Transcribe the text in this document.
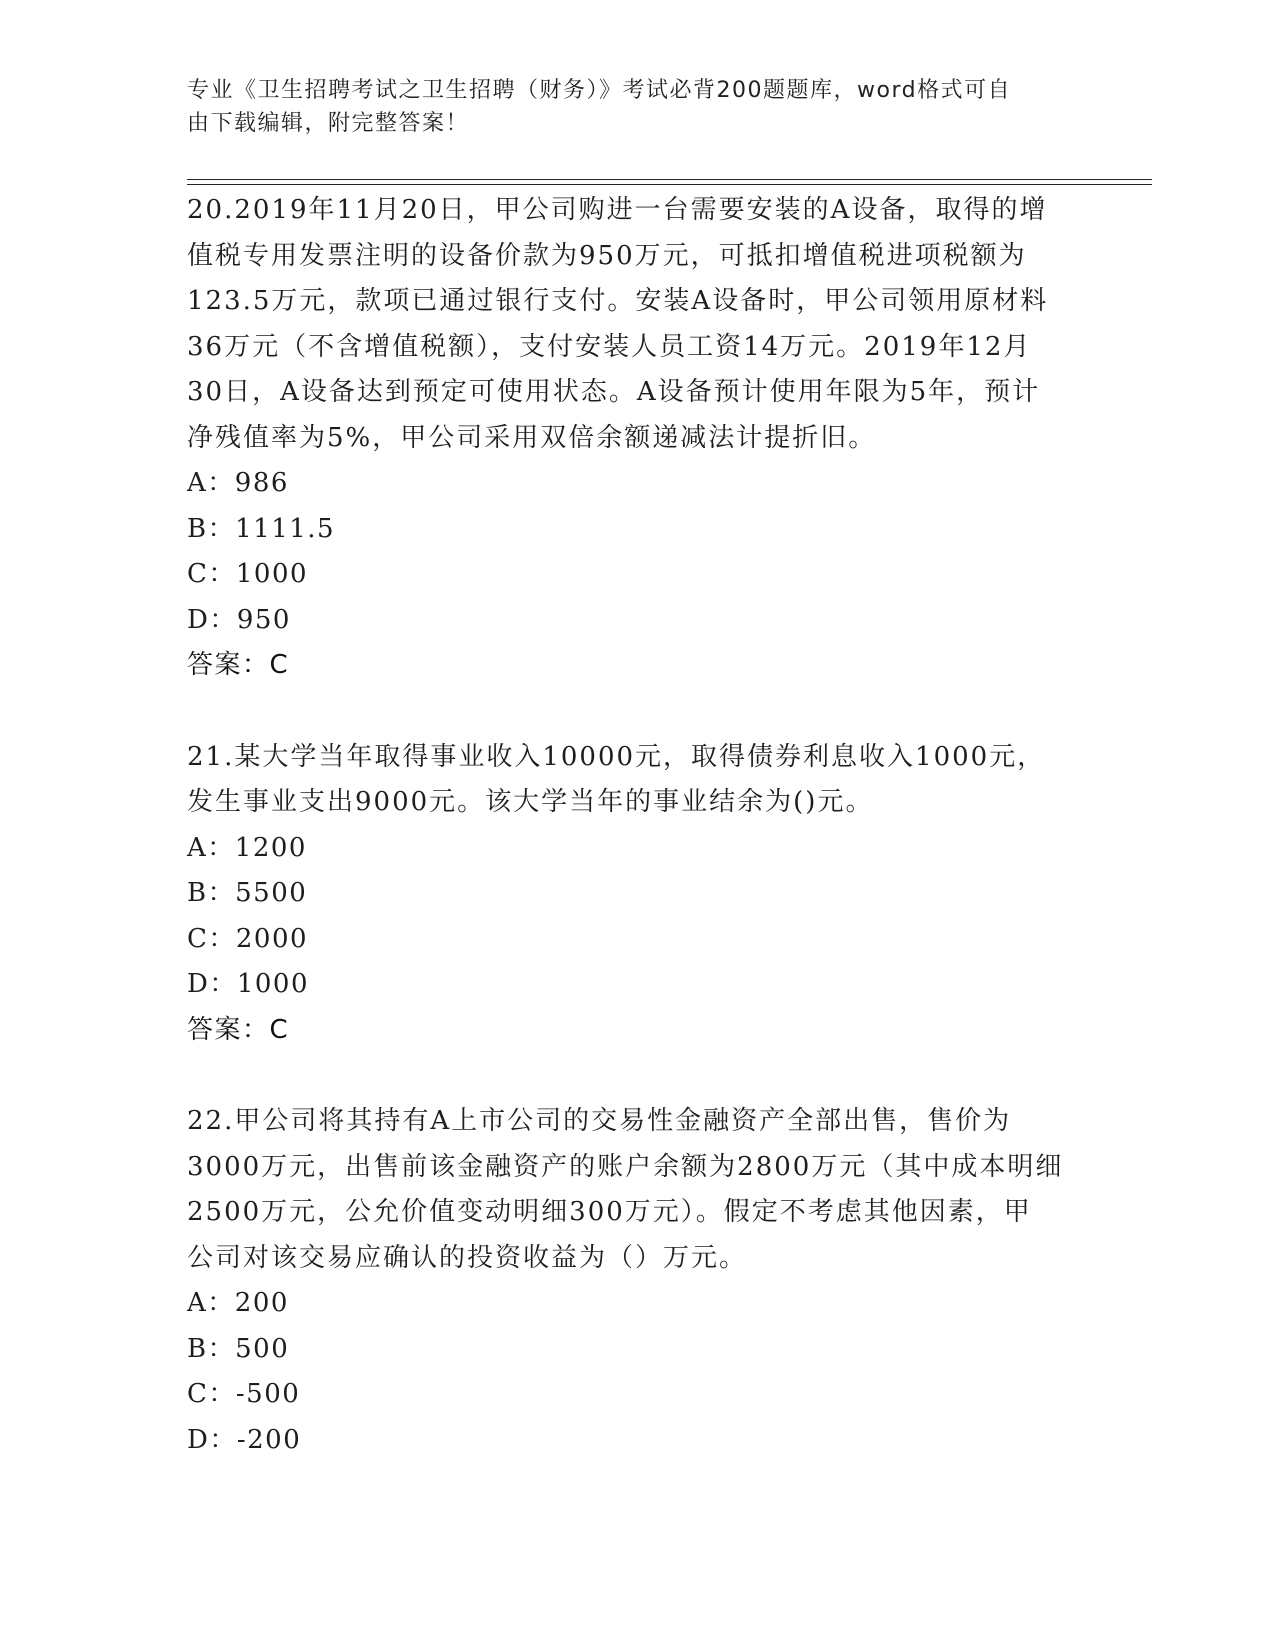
专业《卫生招聘考试之卫生招聘（财务）》考试必背200题题库，word格式可自
由下载编辑，附完整答案！
20.2019年11月20日，甲公司购进一台需要安装的A设备，取得的增
值税专用发票注明的设备价款为950万元，可抵扣增值税进项税额为
123.5万元，款项已通过银行支付。安装A设备时，甲公司领用原材料
36万元（不含增值税额），支付安装人员工资14万元。2019年12月
30日，A设备达到预定可使用状态。A设备预计使用年限为5年，预计
净残值率为5%，甲公司采用双倍余额递减法计提折旧。
A：986
B：1111.5
C：1000
D：950
答案：C
21.某大学当年取得事业收入10000元，取得债券利息收入1000元，
发生事业支出9000元。该大学当年的事业结余为()元。
A：1200
B：5500
C：2000
D：1000
答案：C
22.甲公司将其持有A上市公司的交易性金融资产全部出售，售价为
3000万元，出售前该金融资产的账户余额为2800万元（其中成本明细
2500万元，公允价值变动明细300万元）。假定不考虑其他因素，甲
公司对该交易应确认的投资收益为（）万元。
A：200
B：500
C：-500
D：-200
